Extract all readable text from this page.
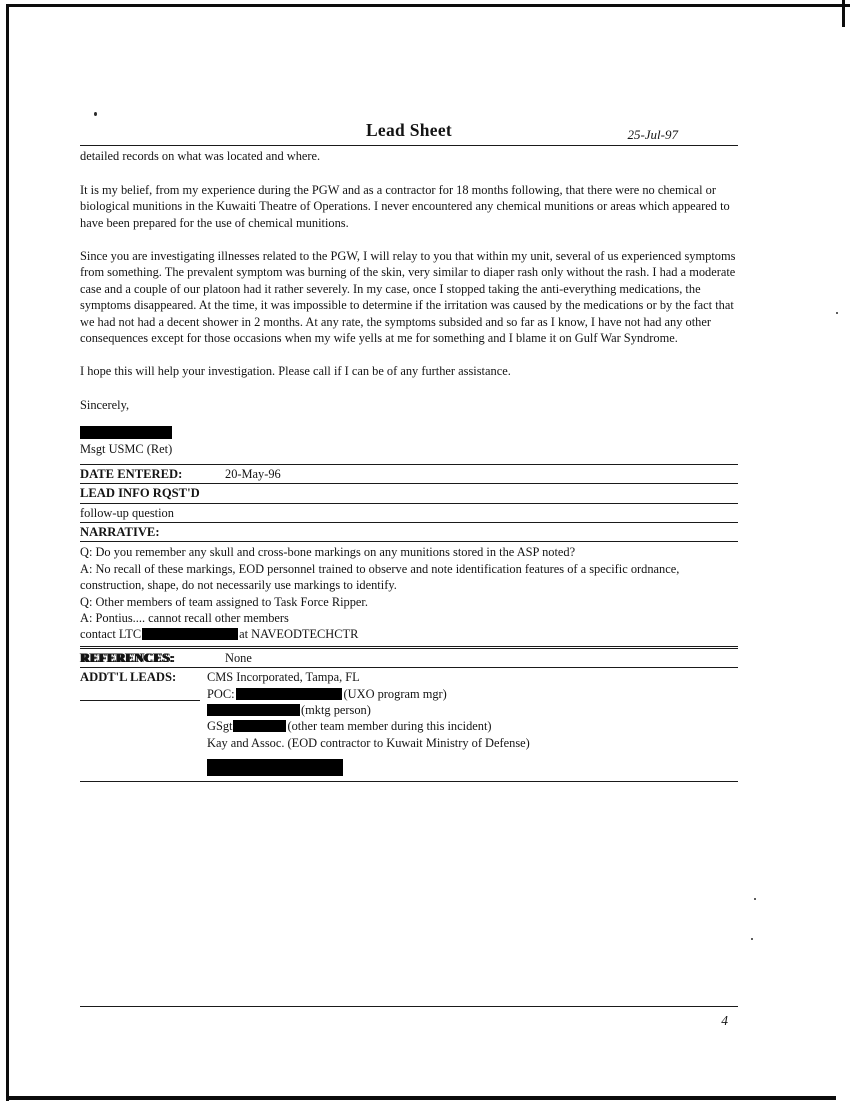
Lead Sheet	25-Jul-97
detailed records on what was located and where.

It is my belief, from my experience during the PGW and as a contractor for 18 months following, that there were no chemical or biological munitions in the Kuwaiti Theatre of Operations. I never encountered any chemical munitions or areas which appeared to have been prepared for the use of chemical munitions.

Since you are investigating illnesses related to the PGW, I will relay to you that within my unit, several of us experienced symptoms from something. The prevalent symptom was burning of the skin, very similar to diaper rash only without the rash. I had a moderate case and a couple of our platoon had it rather severely. In my case, once I stopped taking the anti-everything medications, the symptoms disappeared. At the time, it was impossible to determine if the irritation was caused by the medications or by the fact that we had not had a decent shower in 2 months. At any rate, the symptoms subsided and so far as I know, I have not had any other consequences except for those occasions when my wife yells at me for something and I blame it on Gulf War Syndrome.

I hope this will help your investigation. Please call if I can be of any further assistance.

Sincerely,

Msgt USMC (Ret)
DATE ENTERED:	20-May-96
LEAD INFO RQST'D
follow-up question
NARRATIVE:
Q: Do you remember any skull and cross-bone markings on any munitions stored in the ASP noted?
A: No recall of these markings, EOD personnel trained to observe and note identification features of a specific ordnance, construction, shape, do not necessarily use markings to identify.
Q: Other members of team assigned to Task Force Ripper.
A: Pontius.... cannot recall other members
contact LTC	at NAVEODTECHCTR
REFERENCES:	None
ADDT'L LEADS:	CMS Incorporated, Tampa, FL
POC:	(UXO program mgr)
(mktg person)
GSgt	(other team member during this incident)
Kay and Assoc. (EOD contractor to Kuwait Ministry of Defense)
4
